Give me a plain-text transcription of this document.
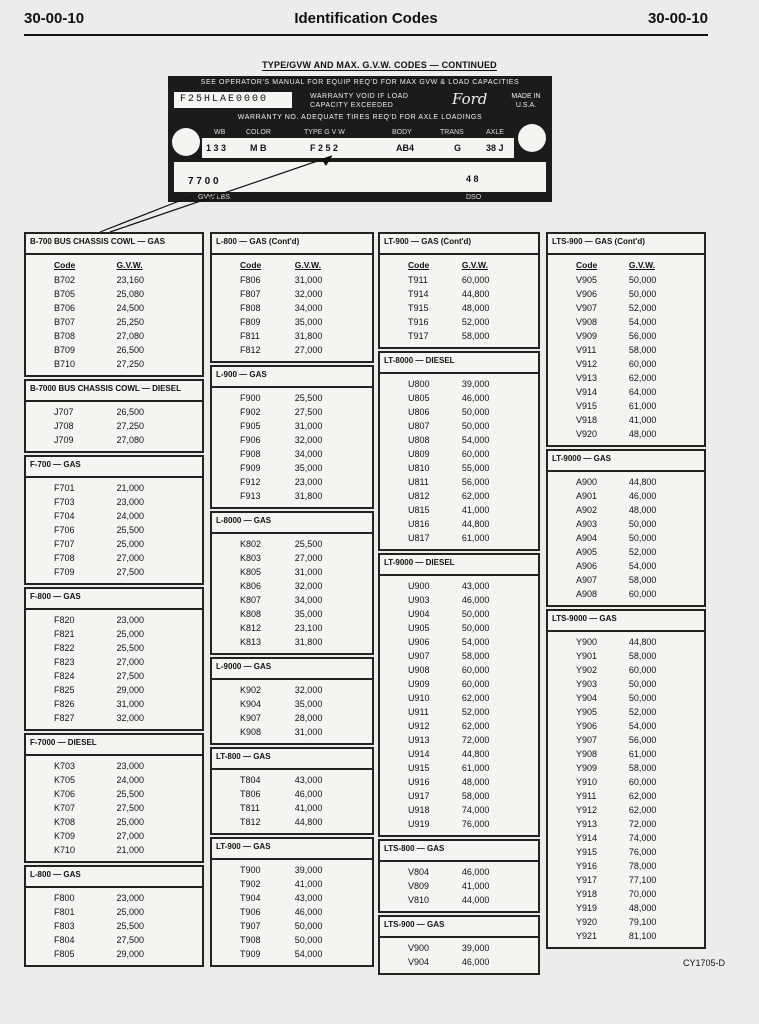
30-00-10	Identification Codes	30-00-10
TYPE/GVW AND MAX. G.V.W. CODES — CONTINUED
SEE OPERATOR'S MANUAL FOR EQUIP REQ'D FOR MAX GVW & LOAD CAPACITIES
F25HLAE0000	WARRANTY VOID IF LOAD CAPACITY EXCEEDED	Ford	MADE IN U.S.A.
WARRANTY NO. ADEQUATE TIRES REQ'D FOR AXLE LOADINGS
WB	COLOR	TYPE G V W	BODY	TRANS	AXLE
1 3 3	M B	F 2 5 2	AB4	G	38 J
7 7 0 0	4 8
GVW LBS	DSO
B-700 BUS CHASSIS COWL — GAS
Code	G.V.W.
B702	23,160
B705	25,080
B706	24,500
B707	25,250
B708	27,080
B709	26,500
B710	27,250
B-7000 BUS CHASSIS COWL — DIESEL
J707	26,500
J708	27,250
J709	27,080
F-700 — GAS
F701	21,000
F703	23,000
F704	24,000
F706	25,500
F707	25,000
F708	27,000
F709	27,500
F-800 — GAS
F820	23,000
F821	25,000
F822	25,500
F823	27,000
F824	27,500
F825	29,000
F826	31,000
F827	32,000
F-7000 — DIESEL
K703	23,000
K705	24,000
K706	25,500
K707	27,500
K708	25,000
K709	27,000
K710	21,000
L-800 — GAS
F800	23,000
F801	25,000
F803	25,500
F804	27,500
F805	29,000
L-800 — GAS (Cont'd)
Code	G.V.W.
F806	31,000
F807	32,000
F808	34,000
F809	35,000
F811	31,800
F812	27,000
L-900 — GAS
F900	25,500
F902	27,500
F905	31,000
F906	32,000
F908	34,000
F909	35,000
F912	23,000
F913	31,800
L-8000 — GAS
K802	25,500
K803	27,000
K805	31,000
K806	32,000
K807	34,000
K808	35,000
K812	23,100
K813	31,800
L-9000 — GAS
K902	32,000
K904	35,000
K907	28,000
K908	31,000
LT-800 — GAS
T804	43,000
T806	46,000
T811	41,000
T812	44,800
LT-900 — GAS
T900	39,000
T902	41,000
T904	43,000
T906	46,000
T907	50,000
T908	50,000
T909	54,000
LT-900 — GAS (Cont'd)
Code	G.V.W.
T911	60,000
T914	44,800
T915	48,000
T916	52,000
T917	58,000
LT-8000 — DIESEL
U800	39,000
U805	46,000
U806	50,000
U807	50,000
U808	54,000
U809	60,000
U810	55,000
U811	56,000
U812	62,000
U815	41,000
U816	44,800
U817	61,000
LT-9000 — DIESEL
U900	43,000
U903	46,000
U904	50,000
U905	50,000
U906	54,000
U907	58,000
U908	60,000
U909	60,000
U910	62,000
U911	52,000
U912	62,000
U913	72,000
U914	44,800
U915	61,000
U916	48,000
U917	58,000
U918	74,000
U919	76,000
LTS-800 — GAS
V804	46,000
V809	41,000
V810	44,000
LTS-900 — GAS
V900	39,000
V904	46,000
LTS-900 — GAS (Cont'd)
Code	G.V.W.
V905	50,000
V906	50,000
V907	52,000
V908	54,000
V909	56,000
V911	58,000
V912	60,000
V913	62,000
V914	64,000
V915	61,000
V918	41,000
V920	48,000
LT-9000 — GAS
A900	44,800
A901	46,000
A902	48,000
A903	50,000
A904	50,000
A905	52,000
A906	54,000
A907	58,000
A908	60,000
LTS-9000 — GAS
Y900	44,800
Y901	58,000
Y902	60,000
Y903	50,000
Y904	50,000
Y905	52,000
Y906	54,000
Y907	56,000
Y908	61,000
Y909	58,000
Y910	60,000
Y911	62,000
Y912	62,000
Y913	72,000
Y914	74,000
Y915	76,000
Y916	78,000
Y917	77,100
Y918	70,000
Y919	48,000
Y920	79,100
Y921	81,100
CY1705-D
